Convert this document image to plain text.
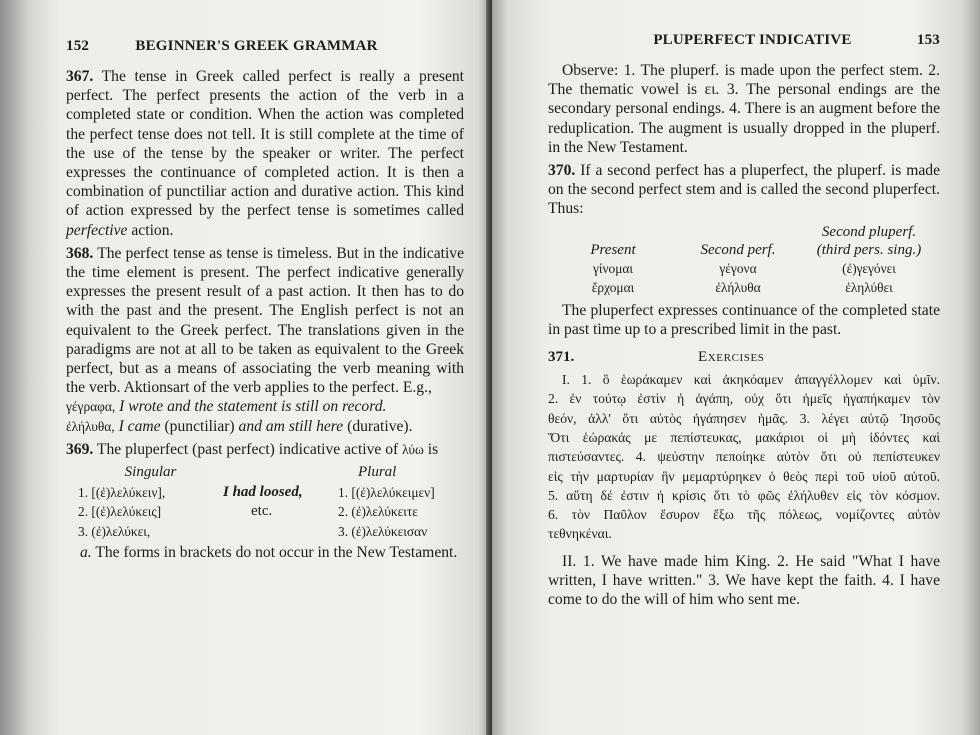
152	BEGINNER'S GREEK GRAMMAR

367. The tense in Greek called perfect is really a present perfect. The perfect presents the action of the verb in a completed state or condition. When the action was completed the perfect tense does not tell. It is still complete at the time of the use of the tense by the speaker or writer. The perfect expresses the continuance of completed action. It is then a combination of punctiliar action and durative action. This kind of action expressed by the perfect tense is sometimes called perfective action.

368. The perfect tense as tense is timeless. But in the indicative the time element is present. The perfect indicative generally expresses the present result of a past action. It then has to do with the past and the present. The English perfect is not an equivalent to the Greek perfect. The translations given in the paradigms are not at all to be taken as equivalent to the Greek perfect, but as a means of associating the verb meaning with the verb. Aktionsart of the verb applies to the perfect. E.g.,

γέγραφα, I wrote and the statement is still on record.

ἐλήλυθα, I came (punctiliar) and am still here (durative).

369. The pluperfect (past perfect) indicative active of λύω is

Singular	Plural
1. [(ἐ)λελύκειν],	I had loosed,	1. [(ἐ)λελύκειμεν]
2. [(ἐ)λελύκεις]	etc.	2. (ἐ)λελύκειτε
3. (ἐ)λελύκει,	3. (ἐ)λελύκεισαν

a. The forms in brackets do not occur in the New Testament.

PLUPERFECT INDICATIVE	153

Observe: 1. The pluperf. is made upon the perfect stem. 2. The thematic vowel is ει. 3. The personal endings are the secondary personal endings. 4. There is an augment before the reduplication. The augment is usually dropped in the pluperf. in the New Testament.

370. If a second perfect has a pluperfect, the pluperf. is made on the second perfect stem and is called the second pluperfect. Thus:

Second pluperf.
Present	Second perf.	(third pers. sing.)
γίνομαι	γέγονα	(ἐ)γεγόνει
ἔρχομαι	ἐλήλυθα	ἐληλύθει

The pluperfect expresses continuance of the completed state in past time up to a prescribed limit in the past.

371.	Exercises
I. 1. ὃ ἑωράκαμεν καὶ ἀκηκόαμεν ἀπαγγέλλομεν καὶ ὑμῖν.
2. ἐν τούτῳ ἐστὶν ἡ ἀγάπη, οὐχ ὅτι ἡμεῖς ἠγαπήκαμεν τὸν
θεόν, ἀλλ' ὅτι αὐτὸς ἠγάπησεν ἡμᾶς. 3. λέγει αὐτῷ Ἰησοῦς
Ὅτι ἑώρακάς με πεπίστευκας, μακάριοι οἱ μὴ ἰδόντες καὶ
πιστεύσαντες. 4. ψεύστην πεποίηκε αὐτὸν ὅτι οὐ πεπίστευκεν
εἰς τὴν μαρτυρίαν ἣν μεμαρτύρηκεν ὁ θεὸς περὶ τοῦ υἱοῦ αὐτοῦ.
5. αὕτη δέ ἐστιν ἡ κρίσις ὅτι τὸ φῶς ἐλήλυθεν εἰς τὸν κόσμον.
6. τὸν Παῦλον ἔσυρον ἔξω τῆς πόλεως, νομίζοντες αὐτὸν
τεθνηκέναι.

II. 1. We have made him King. 2. He said "What I have written, I have written." 3. We have kept the faith. 4. I have come to do the will of him who sent me.
